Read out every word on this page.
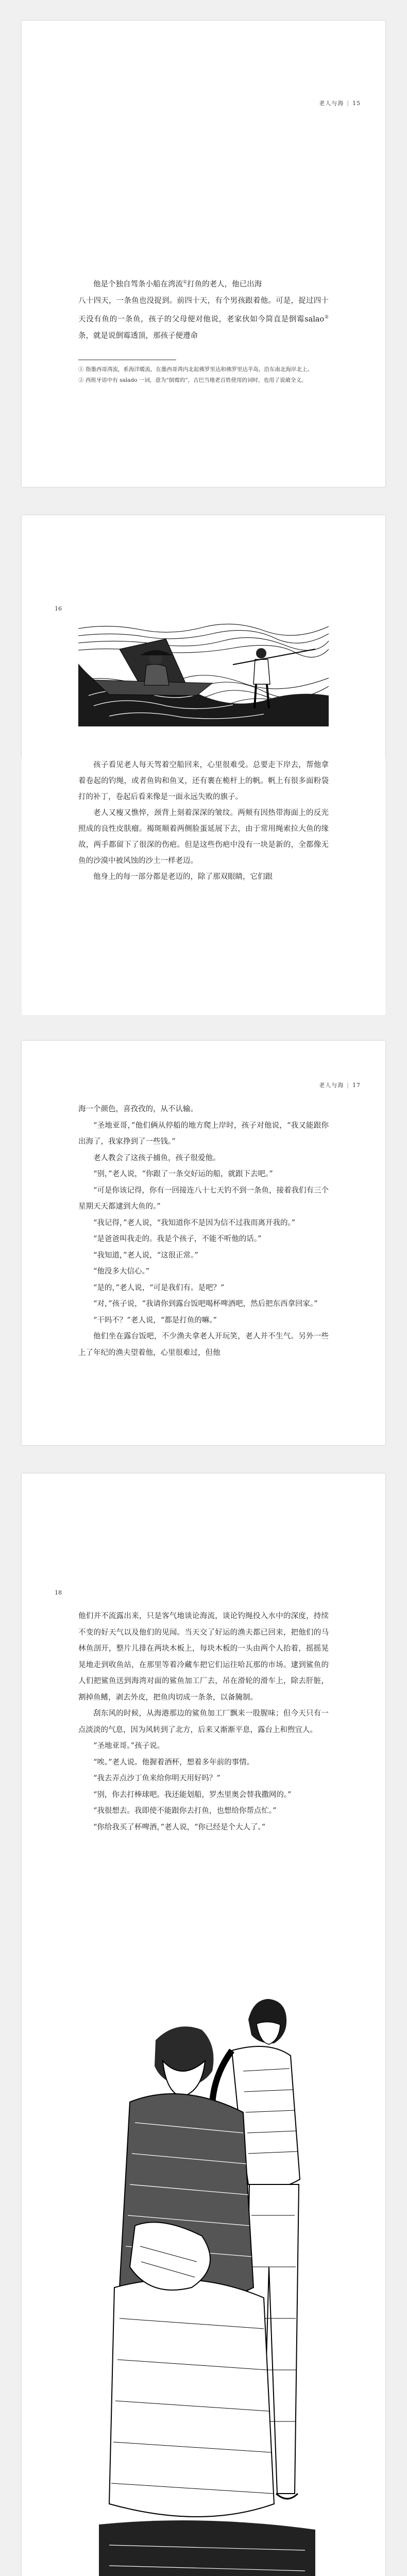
老人与海 | 15

他是个独自驾条小船在湾流①打鱼的老人，他已出海

八十四天，一条鱼也没捉到。前四十天，有个男孩跟着他。可是，捉过四十天没有鱼的一条鱼，孩子的父母便对他说，老家伙如今简直是倒霉salao②条，就是说倒霉透顶，那孩子便遵命

① 指墨西哥湾流，系海洋暖流，在墨西哥湾内北起佛罗里达和佛罗里达半岛，沿东南北海岸北上。

② 西班牙语中有 salado 一词，意为“倒霉的”，古巴当地老百姓使用的词时，也用了说破全义。

16

孩子看见老人每天驾着空船回来，心里很难受。总要走下岸去，帮他拿着卷起的钓绳，或者鱼钩和鱼叉，还有裹在桅杆上的帆。帆上有很多面粉袋打的补丁，卷起后看来像是一面永远失败的旗子。

老人又瘦又憔悴，颈背上刻着深深的皱纹。两颊有因热带海面上的反光照成的良性皮肤瘤。褐斑顺着两侧脸蛋延展下去，由于常用绳索拉大鱼的缘故，两手都留下了很深的伤疤。但是这些伤疤中没有一块是新的，全都像无鱼的沙漠中被风蚀的沙土一样老迈。

他身上的每一部分都是老迈的，除了那双眼睛，它们跟

老人与海 | 17

海一个颜色，喜孜孜的，从不认输。

“圣地亚哥，”他们俩从停船的地方爬上岸时，孩子对他说，“我又能跟你出海了，我家挣到了一些钱。”

老人教会了这孩子捕鱼，孩子很爱他。

“别，”老人说，“你跟了一条交好运的船，就跟下去吧。”

“可是你该记得，你有一回接连八十七天钓不到一条鱼，接着我们有三个星期天天都逮到大鱼的。”

“我记得，”老人说，“我知道你不是因为信不过我而离开我的。”

“是爸爸叫我走的。我是个孩子，不能不听他的话。”

“我知道，”老人说，“这很正常。”

“他没多大信心。”

“是的，”老人说，“可是我们有。是吧？”

“对，”孩子说，“我请你到露台饭吧喝杯啤酒吧，然后把东西拿回家。”

“干吗不？”老人说，“都是打鱼的嘛。”

他们坐在露台饭吧，不少渔夫拿老人开玩笑，老人并不生气。另外一些上了年纪的渔夫望着他，心里很难过，但他

18

他们并不流露出来，只是客气地谈论海流，谈论钓绳投入水中的深度，持续不变的好天气以及他们的见闻。当天交了好运的渔夫都已回来，把他们的马林鱼剖开，整片儿排在两块木板上，每块木板的一头由两个人抬着，摇摇晃晃地走到收鱼站，在那里等着冷藏车把它们运往哈瓦那的市场。逮到鲨鱼的人们把鲨鱼送到海湾对面的鲨鱼加工厂去，吊在滑轮的滑车上，除去肝脏，割掉鱼鳍，剥去外皮，把鱼肉切成一条条，以备腌制。

刮东风的时候，从海港那边的鲨鱼加工厂飘来一股腥味；但今天只有一点淡淡的气息，因为风转到了北方，后来又渐渐平息，露台上和煦宜人。

“圣地亚哥。”孩子说。

“唉。”老人说。他握着酒杯，想着多年前的事情。

“我去弄点沙丁鱼来给你明天用好吗？”

“别，你去打棒球吧。我还能划船，罗杰里奥会替我撒网的。”

“我很想去。我即使不能跟你去打鱼，也想给你帮点忙。”

“你给我买了杯啤酒，”老人说，“你已经是个大人了。”
